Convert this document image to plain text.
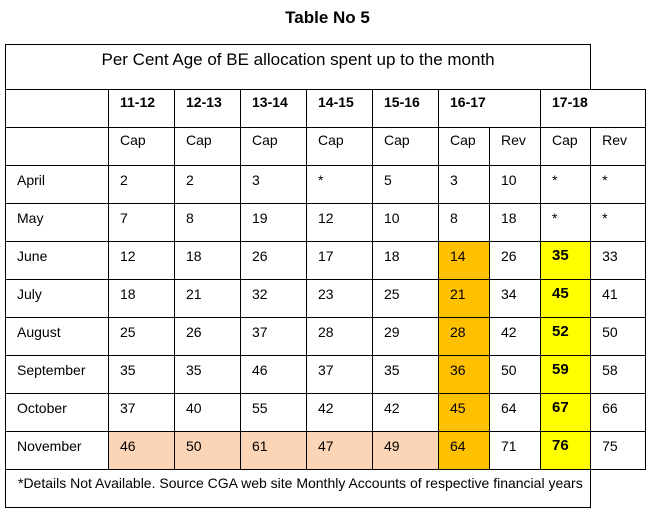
Table No 5
Per Cent Age of BE allocation spent up to the month									

	11-12	12-13	13-14	14-15	15-16	16-17		17-18	

	Cap	Cap	Cap	Cap	Cap	Cap	Rev	Cap	Rev

April	2	2	3	*	5	3	10	*	*

May	7	8	19	12	10	8	18	*	*

June	12	18	26	17	18	14	26	35	33

July	18	21	32	23	25	21	34	45	41

August	25	26	37	28	29	28	42	52	50

September	35	35	46	37	35	36	50	59	58

October	37	40	55	42	42	45	64	67	66

November	46	50	61	47	49	64	71	76	75

*Details Not Available. Source CGA web site Monthly Accounts of respective financial years									
